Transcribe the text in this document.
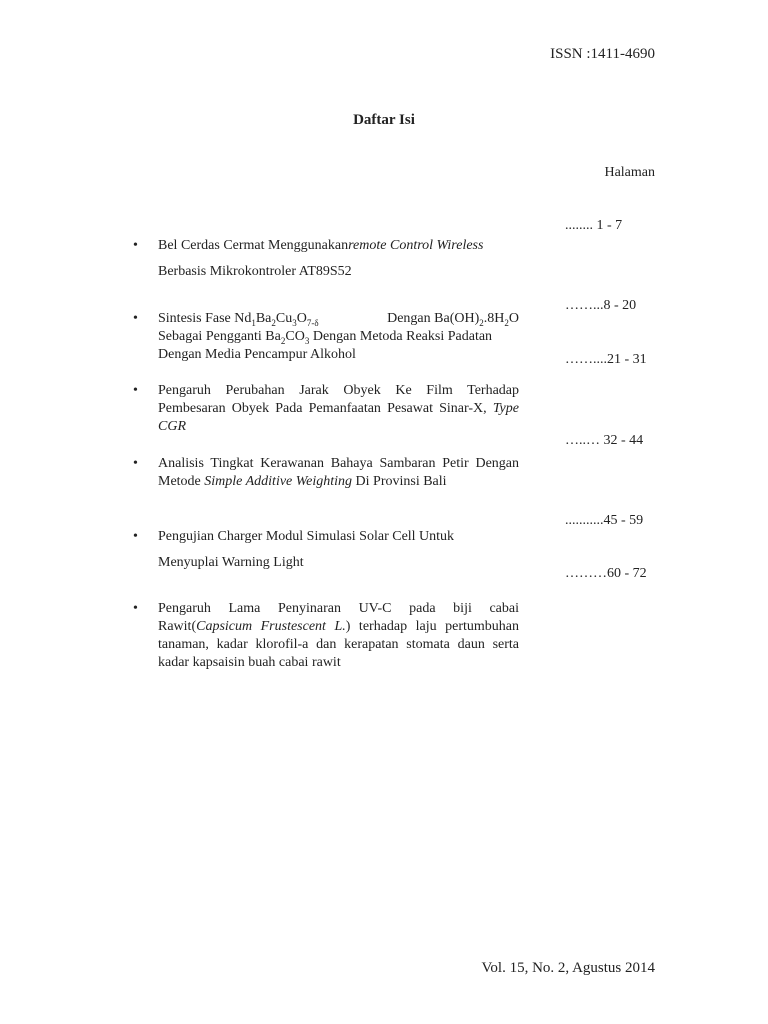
ISSN :1411-4690
Daftar Isi
Halaman
• Bel Cerdas Cermat Menggunakanremote Control Wireless
Berbasis Mikrokontroler AT89S52
........ 1 - 7
• Sintesis Fase $Nd_1Ba_2Cu_3O_{7-\delta}$	Dengan $Ba(OH)_2.8H_2O$
Sebagai Pengganti $Ba_2CO_3$ Dengan Metoda Reaksi Padatan
Dengan Media Pencampur Alkohol
……...8 - 20
• Pengaruh Perubahan Jarak Obyek Ke Film Terhadap Pembesaran Obyek Pada Pemanfaatan Pesawat Sinar-X, Type CGR
……....21 - 31
• Analisis Tingkat Kerawanan Bahaya Sambaran Petir Dengan Metode Simple Additive Weighting Di Provinsi Bali
…..… 32 - 44
• Pengujian Charger Modul Simulasi Solar Cell Untuk
Menyuplai Warning Light
...........45 - 59
• Pengaruh Lama Penyinaran UV-C pada biji cabai Rawit(Capsicum Frustescent L.) terhadap laju pertumbuhan tanaman, kadar klorofil-a dan kerapatan stomata daun serta kadar kapsaisin buah cabai rawit
………60 - 72
Vol. 15, No. 2, Agustus 2014
